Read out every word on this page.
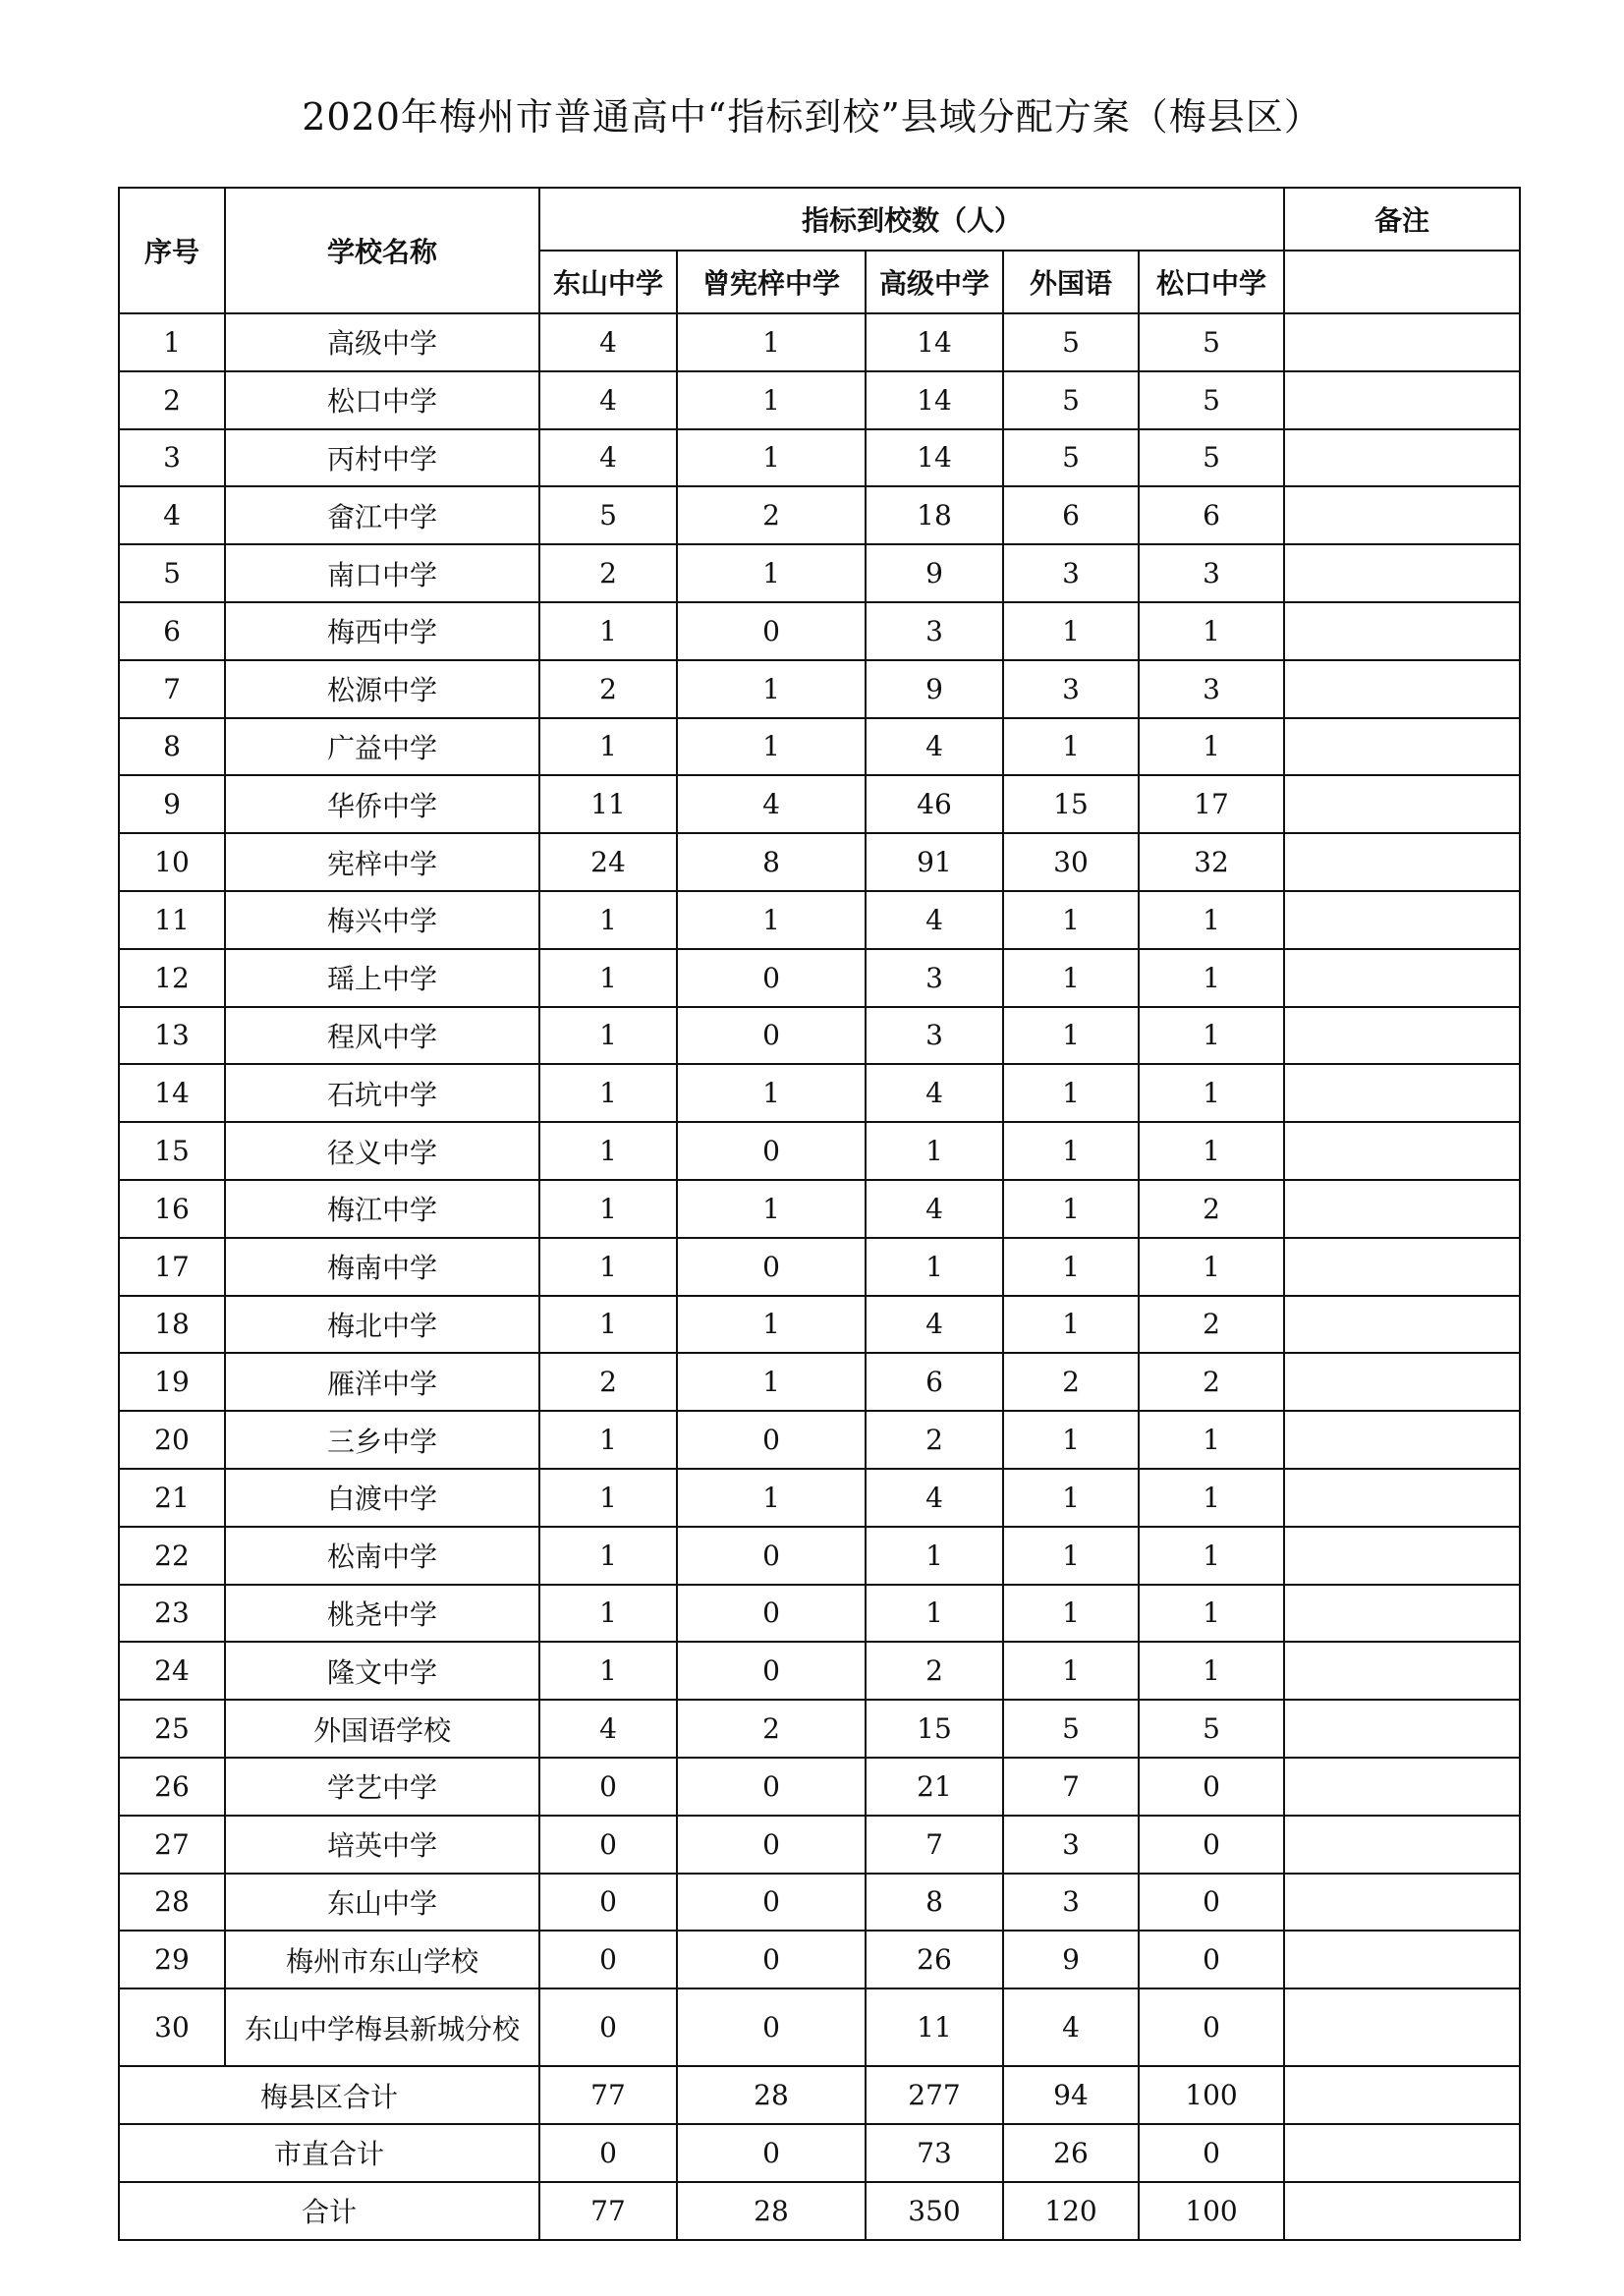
2020年梅州市普通高中“指标到校”县域分配方案（梅县区）
序号	学校名称	指标到校数（人）					备注
		东山中学	曾宪梓中学	高级中学	外国语	松口中学	
1	高级中学	4	1	14	5	5	
2	松口中学	4	1	14	5	5	
3	丙村中学	4	1	14	5	5	
4	畲江中学	5	2	18	6	6	
5	南口中学	2	1	9	3	3	
6	梅西中学	1	0	3	1	1	
7	松源中学	2	1	9	3	3	
8	广益中学	1	1	4	1	1	
9	华侨中学	11	4	46	15	17	
10	宪梓中学	24	8	91	30	32	
11	梅兴中学	1	1	4	1	1	
12	瑶上中学	1	0	3	1	1	
13	程风中学	1	0	3	1	1	
14	石坑中学	1	1	4	1	1	
15	径义中学	1	0	1	1	1	
16	梅江中学	1	1	4	1	2	
17	梅南中学	1	0	1	1	1	
18	梅北中学	1	1	4	1	2	
19	雁洋中学	2	1	6	2	2	
20	三乡中学	1	0	2	1	1	
21	白渡中学	1	1	4	1	1	
22	松南中学	1	0	1	1	1	
23	桃尧中学	1	0	1	1	1	
24	隆文中学	1	0	2	1	1	
25	外国语学校	4	2	15	5	5	
26	学艺中学	0	0	21	7	0	
27	培英中学	0	0	7	3	0	
28	东山中学	0	0	8	3	0	
29	梅州市东山学校	0	0	26	9	0	
30	东山中学梅县新城分校	0	0	11	4	0	
梅县区合计		77	28	277	94	100	
市直合计		0	0	73	26	0	
合计		77	28	350	120	100	
